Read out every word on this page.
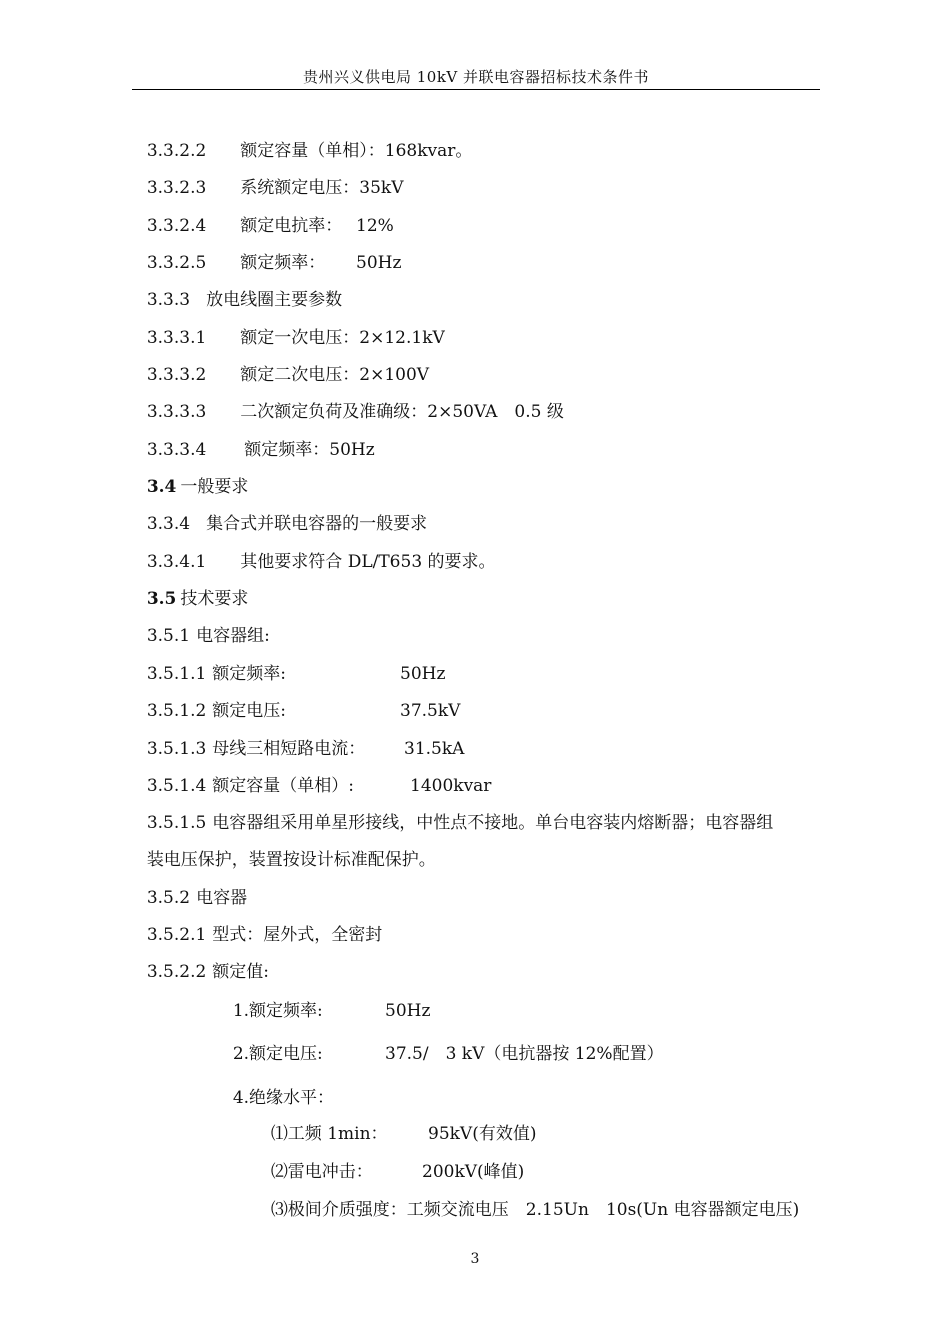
贵州兴义供电局 10kV 并联电容器招标技术条件书

3.3.2.2 额定容量（单相）：168kvar。

3.3.2.3 系统额定电压：35kV

3.3.2.4 额定电抗率： 12%

3.3.2.5 额定频率： 50Hz

3.3.3 放电线圈主要参数

3.3.3.1 额定一次电压：2×12.1kV

3.3.3.2 额定二次电压：2×100V

3.3.3.3 二次额定负荷及准确级：2×50VA　0.5 级

3.3.3.4 额定频率：50Hz

3.4 一般要求

3.3.4 集合式并联电容器的一般要求

3.3.4.1 其他要求符合 DL/T653 的要求。

3.5 技术要求

3.5.1 电容器组:

3.5.1.1 额定频率:	50Hz

3.5.1.2 额定电压:	37.5kV

3.5.1.3 母线三相短路电流： 31.5kA

3.5.1.4 额定容量（单相）:	1400kvar

3.5.1.5 电容器组采用单星形接线，中性点不接地。单台电容装内熔断器；电容器组

装电压保护，装置按设计标准配保护。

3.5.2 电容器

3.5.2.1 型式：屋外式，全密封

3.5.2.2 额定值:

1.额定频率:	50Hz

2.额定电压:	37.5/　3 kV（电抗器按 12%配置）

4.绝缘水平：

⑴工频 1min： 95kV(有效值)

⑵雷电冲击：	200kV(峰值)

⑶极间介质强度：工频交流电压　2.15Un　10s(Un 电容器额定电压)

3
